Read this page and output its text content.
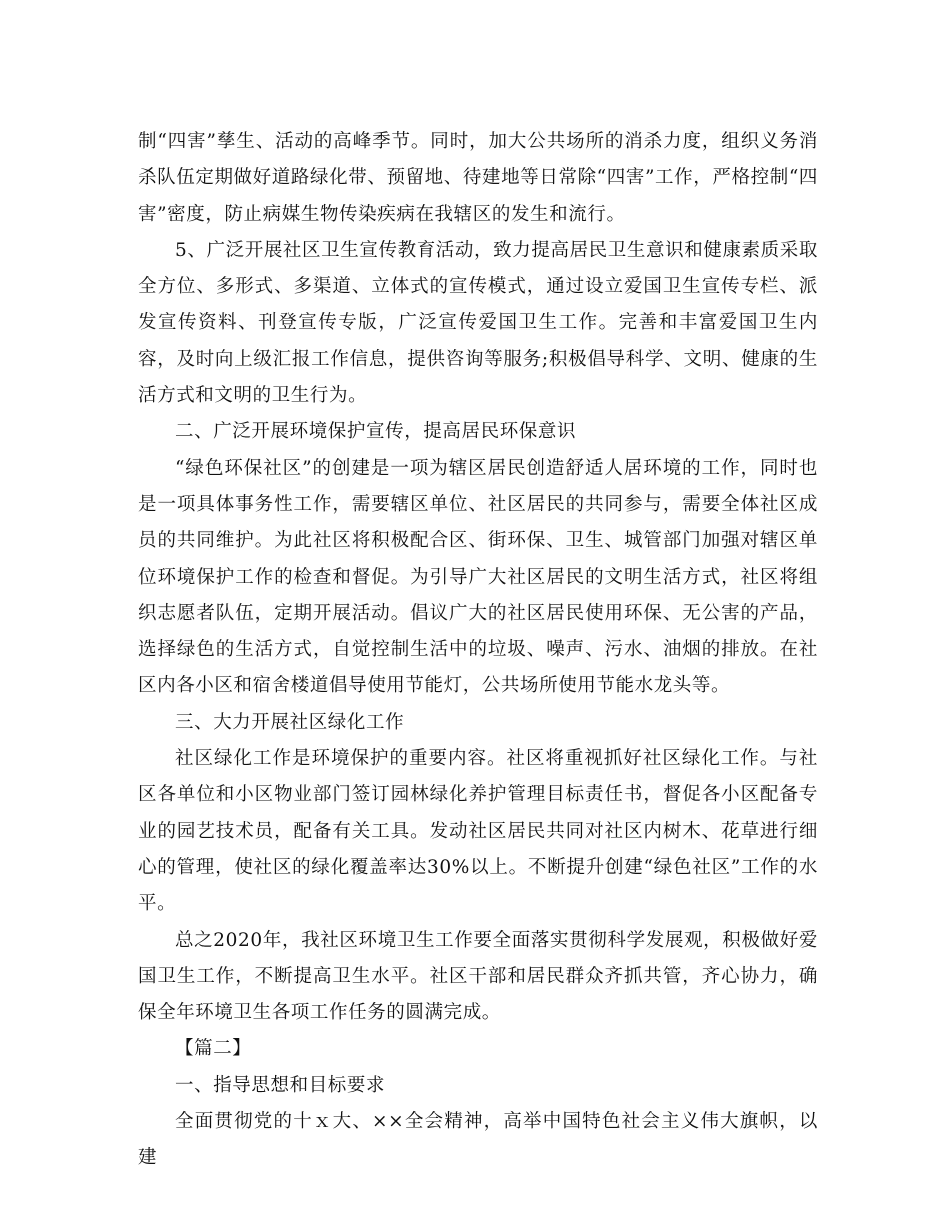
制“四害”孳生、活动的高峰季节。同时，加大公共场所的消杀力度，组织义务消杀队伍定期做好道路绿化带、预留地、待建地等日常除“四害”工作，严格控制“四害”密度，防止病媒生物传染疾病在我辖区的发生和流行。

5、广泛开展社区卫生宣传教育活动，致力提高居民卫生意识和健康素质采取全方位、多形式、多渠道、立体式的宣传模式，通过设立爱国卫生宣传专栏、派发宣传资料、刊登宣传专版，广泛宣传爱国卫生工作。完善和丰富爱国卫生内容，及时向上级汇报工作信息，提供咨询等服务;积极倡导科学、文明、健康的生活方式和文明的卫生行为。

二、广泛开展环境保护宣传，提高居民环保意识

“绿色环保社区”的创建是一项为辖区居民创造舒适人居环境的工作，同时也是一项具体事务性工作，需要辖区单位、社区居民的共同参与，需要全体社区成员的共同维护。为此社区将积极配合区、街环保、卫生、城管部门加强对辖区单位环境保护工作的检查和督促。为引导广大社区居民的文明生活方式，社区将组织志愿者队伍，定期开展活动。倡议广大的社区居民使用环保、无公害的产品，选择绿色的生活方式，自觉控制生活中的垃圾、噪声、污水、油烟的排放。在社区内各小区和宿舍楼道倡导使用节能灯，公共场所使用节能水龙头等。

三、大力开展社区绿化工作

社区绿化工作是环境保护的重要内容。社区将重视抓好社区绿化工作。与社区各单位和小区物业部门签订园林绿化养护管理目标责任书，督促各小区配备专业的园艺技术员，配备有关工具。发动社区居民共同对社区内树木、花草进行细心的管理，使社区的绿化覆盖率达30%以上。不断提升创建“绿色社区”工作的水平。

总之2020年，我社区环境卫生工作要全面落实贯彻科学发展观，积极做好爱国卫生工作，不断提高卫生水平。社区干部和居民群众齐抓共管，齐心协力，确保全年环境卫生各项工作任务的圆满完成。

【篇二】

一、指导思想和目标要求

全面贯彻党的十ｘ大、××全会精神，高举中国特色社会主义伟大旗帜，以建
